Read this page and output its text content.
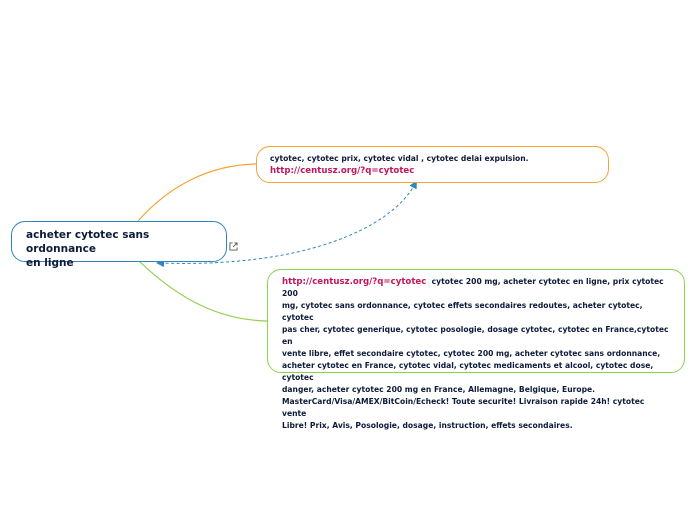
acheter cytotec sans ordonnance
en ligne
cytotec, cytotec prix, cytotec vidal , cytotec delai expulsion.
http://centusz.org/?q=cytotec
http://centusz.org/?q=cytotec cytotec 200 mg, acheter cytotec en ligne, prix cytotec 200
mg, cytotec sans ordonnance, cytotec effets secondaires redoutes, acheter cytotec, cytotec
pas cher, cytotec generique, cytotec posologie, dosage cytotec, cytotec en France,cytotec en
vente libre, effet secondaire cytotec, cytotec 200 mg, acheter cytotec sans ordonnance,
acheter cytotec en France, cytotec vidal, cytotec medicaments et alcool, cytotec dose, cytotec
danger, acheter cytotec 200 mg en France, Allemagne, Belgique, Europe.
MasterCard/Visa/AMEX/BitCoin/Echeck! Toute securite! Livraison rapide 24h! cytotec vente
Libre! Prix, Avis, Posologie, dosage, instruction, effets secondaires.
